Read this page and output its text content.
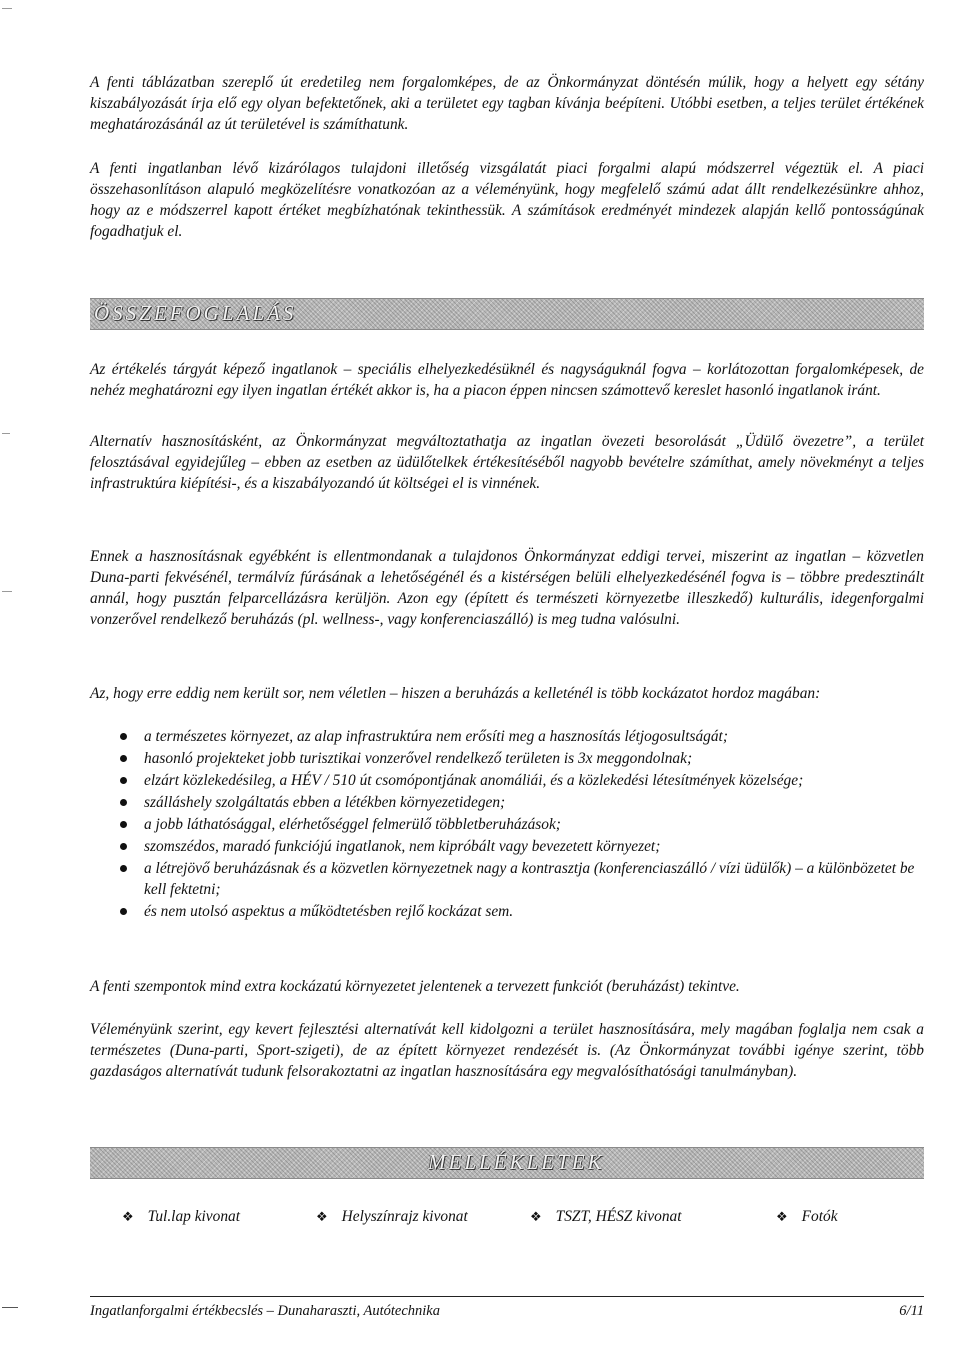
A fenti táblázatban szereplő út eredetileg nem forgalomképes, de az Önkormányzat döntésén múlik, hogy a helyett egy sétány kiszabályozását írja elő egy olyan befektetőnek, aki a területet egy tagban kívánja beépíteni. Utóbbi esetben, a teljes terület értékének meghatározásánál az út területével is számíthatunk.

A fenti ingatlanban lévő kizárólagos tulajdoni illetőség vizsgálatát piaci forgalmi alapú módszerrel végeztük el. A piaci összehasonlításon alapuló megközelítésre vonatkozóan az a véleményünk, hogy megfelelő számú adat állt rendelkezésünkre ahhoz, hogy az e módszerrel kapott értéket megbízhatónak tekinthessük. A számítások eredményét mindezek alapján kellő pontosságúnak fogadhatjuk el.

ÖSSZEFOGLALÁS

Az értékelés tárgyát képező ingatlanok – speciális elhelyezkedésüknél és nagyságuknál fogva – korlátozottan forgalomképesek, de nehéz meghatározni egy ilyen ingatlan értékét akkor is, ha a piacon éppen nincsen számottevő kereslet hasonló ingatlanok iránt.

Alternatív hasznosításként, az Önkormányzat megváltoztathatja az ingatlan övezeti besorolását „Üdülő övezetre”, a terület felosztásával egyidejűleg – ebben az esetben az üdülőtelkek értékesítéséből nagyobb bevételre számíthat, amely növekményt a teljes infrastruktúra kiépítési-, és a kiszabályozandó út költségei el is vinnének.

Ennek a hasznosításnak egyébként is ellentmondanak a tulajdonos Önkormányzat eddigi tervei, miszerint az ingatlan – közvetlen Duna-parti fekvésénél, termálvíz fúrásának a lehetőségénél és a kistérségen belüli elhelyezkedésénél fogva is – többre predesztinált annál, hogy pusztán felparcellázásra kerüljön. Azon egy (épített és természeti környezetbe illeszkedő) kulturális, idegenforgalmi vonzerővel rendelkező beruházás (pl. wellness-, vagy konferenciaszálló) is meg tudna valósulni.

Az, hogy erre eddig nem került sor, nem véletlen – hiszen a beruházás a kelleténél is több kockázatot hordoz magában:

a természetes környezet, az alap infrastruktúra nem erősíti meg a hasznosítás létjogosultságát;
hasonló projekteket jobb turisztikai vonzerővel rendelkező területen is 3x meggondolnak;
elzárt közlekedésileg, a HÉV / 510 út csomópontjának anomáliái, és a közlekedési létesítmények közelsége;
szálláshely szolgáltatás ebben a létékben környezetidegen;
a jobb láthatósággal, elérhetőséggel felmerülő többletberuházások;
szomszédos, maradó funkciójú ingatlanok, nem kipróbált vagy bevezetett környezet;
a létrejövő beruházásnak és a közvetlen környezetnek nagy a kontrasztja (konferenciaszálló / vízi üdülők) – a különbözetet be kell fektetni;
és nem utolsó aspektus a működtetésben rejlő kockázat sem.

A fenti szempontok mind extra kockázatú környezetet jelentenek a tervezett funkciót (beruházást) tekintve.

Véleményünk szerint, egy kevert fejlesztési alternatívát kell kidolgozni a terület hasznosítására, mely magában foglalja nem csak a természetes (Duna-parti, Sport-szigeti), de az épített környezet rendezését is. (Az Önkormányzat további igénye szerint, több gazdaságos alternatívát tudunk felsorakoztatni az ingatlan hasznosítására egy megvalósíthatósági tanulmányban).

MELLÉKLETEK
❖ Tul.lap kivonat	❖ Helyszínrajz kivonat	❖ TSZT, HÉSZ kivonat	❖ Fotók
Ingatlanforgalmi értékbecslés – Dunaharaszti, Autótechnika	6/11
